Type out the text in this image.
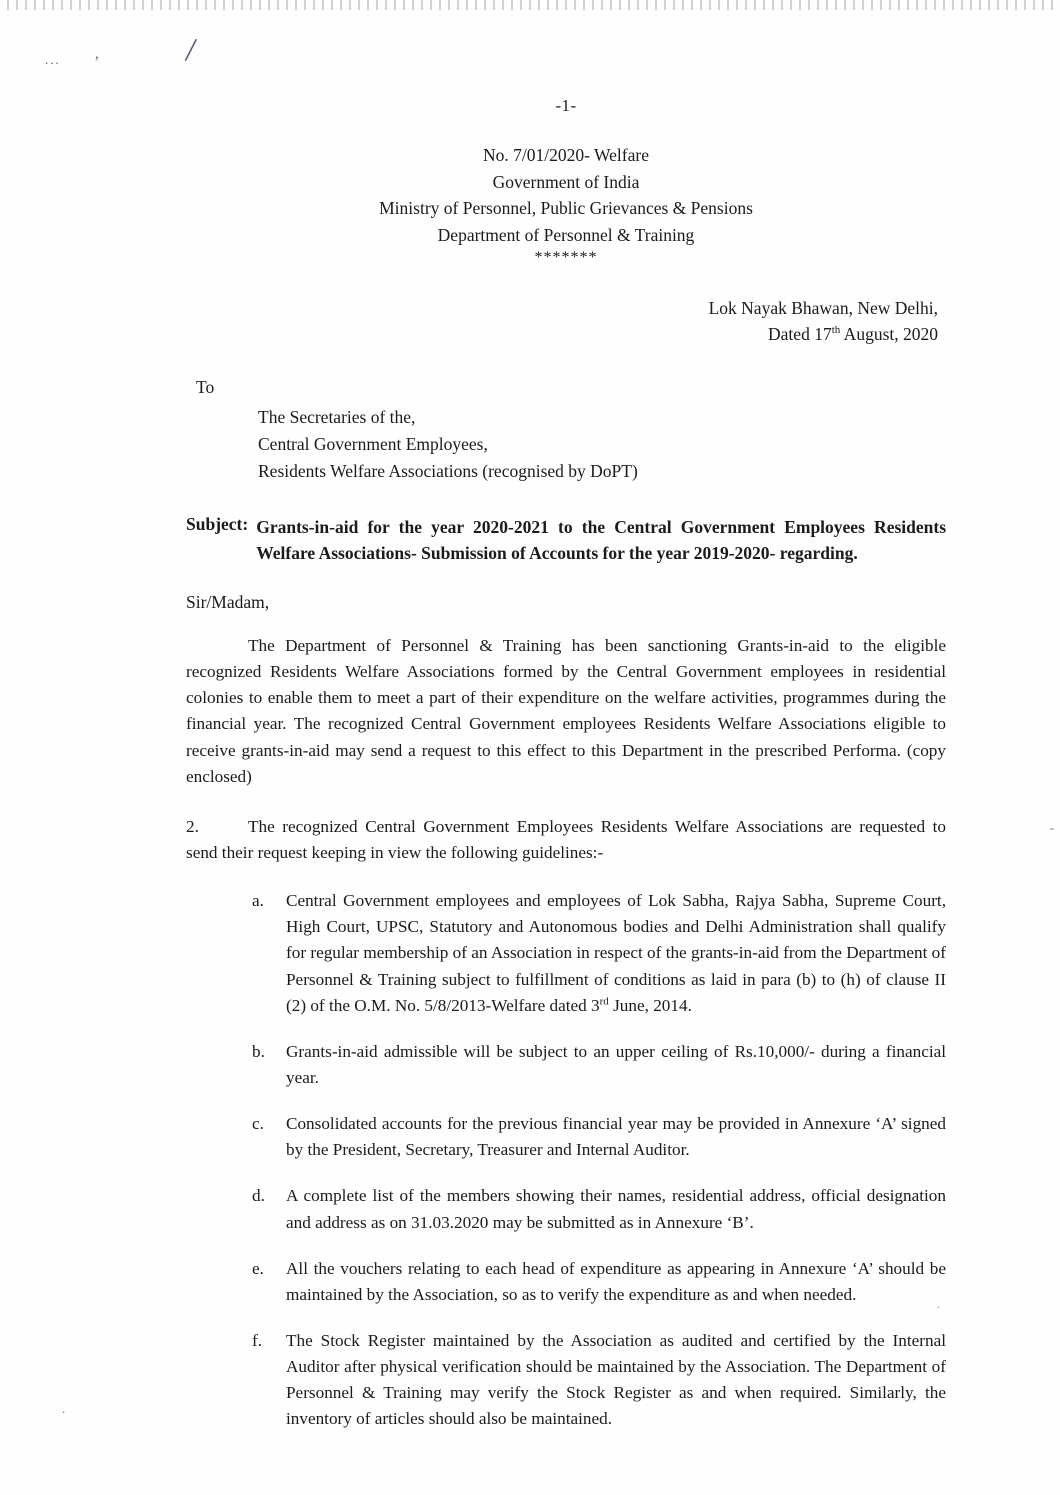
... , /
-
.
.
-1-
No. 7/01/2020- Welfare
Government of India
Ministry of Personnel, Public Grievances & Pensions
Department of Personnel & Training
*******
Lok Nayak Bhawan, New Delhi,
Dated 17th August, 2020
To
The Secretaries of the,
Central Government Employees,
Residents Welfare Associations (recognised by DoPT)
Subject: Grants-in-aid for the year 2020-2021 to the Central Government Employees Residents Welfare Associations- Submission of Accounts for the year 2019-2020- regarding.
Sir/Madam,
The Department of Personnel & Training has been sanctioning Grants-in-aid to the eligible recognized Residents Welfare Associations formed by the Central Government employees in residential colonies to enable them to meet a part of their expenditure on the welfare activities, programmes during the financial year. The recognized Central Government employees Residents Welfare Associations eligible to receive grants-in-aid may send a request to this effect to this Department in the prescribed Performa. (copy enclosed)
2.	The recognized Central Government Employees Residents Welfare Associations are requested to send their request keeping in view the following guidelines:-
a.	Central Government employees and employees of Lok Sabha, Rajya Sabha, Supreme Court, High Court, UPSC, Statutory and Autonomous bodies and Delhi Administration shall qualify for regular membership of an Association in respect of the grants-in-aid from the Department of Personnel & Training subject to fulfillment of conditions as laid in para (b) to (h) of clause II (2) of the O.M. No. 5/8/2013-Welfare dated 3rd June, 2014.
b.	Grants-in-aid admissible will be subject to an upper ceiling of Rs.10,000/- during a financial year.
c.	Consolidated accounts for the previous financial year may be provided in Annexure ‘A’ signed by the President, Secretary, Treasurer and Internal Auditor.
d.	A complete list of the members showing their names, residential address, official designation and address as on 31.03.2020 may be submitted as in Annexure ‘B’.
e.	All the vouchers relating to each head of expenditure as appearing in Annexure ‘A’ should be maintained by the Association, so as to verify the expenditure as and when needed.
f.	The Stock Register maintained by the Association as audited and certified by the Internal Auditor after physical verification should be maintained by the Association. The Department of Personnel & Training may verify the Stock Register as and when required. Similarly, the inventory of articles should also be maintained.
